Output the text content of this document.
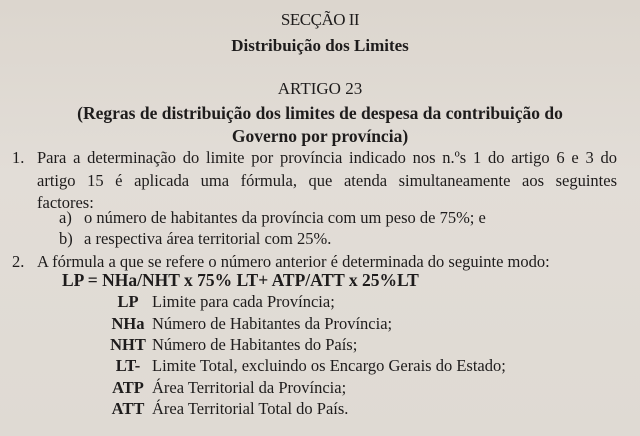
SECÇÃO II
Distribuição dos Limites
ARTIGO 23
(Regras de distribuição dos limites de despesa da contribuição do
Governo por província)
1. Para a determinação do limite por província indicado nos n.ºs 1 do artigo 6 e 3 do
artigo 15 é aplicada uma fórmula, que atenda simultaneamente aos seguintes
factores:
a) o número de habitantes da província com um peso de 75%; e
b) a respectiva área territorial com 25%.
2. A fórmula a que se refere o número anterior é determinada do seguinte modo:
LP = NHa/NHT x 75% LT+ ATP/ATT x 25%LT
LP Limite para cada Província;
NHa Número de Habitantes da Província;
NHT Número de Habitantes do País;
LT- Limite Total, excluindo os Encargo Gerais do Estado;
ATP Área Territorial da Província;
ATT Área Territorial Total do País.
